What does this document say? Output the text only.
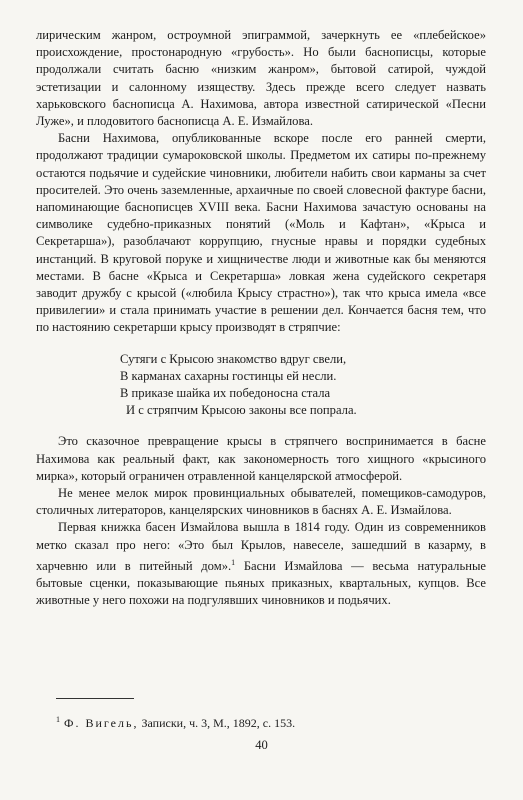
лирическим жанром, остроумной эпиграммой, зачеркнуть ее «плебейское» происхождение, простонародную «грубость». Но были баснописцы, которые продолжали считать басню «низким жанром», бытовой сатирой, чуждой эстетизации и салонному изяществу. Здесь прежде всего следует назвать харьковского баснописца А. Нахимова, автора известной сатирической «Песни Луже», и плодовитого баснописца А. Е. Измайлова.

Басни Нахимова, опубликованные вскоре после его ранней смерти, продолжают традиции сумароковской школы. Предметом их сатиры по-прежнему остаются подьячие и судейские чиновники, любители набить свои карманы за счет просителей. Это очень заземленные, архаичные по своей словесной фактуре басни, напоминающие баснописцев XVIII века. Басни Нахимова зачастую основаны на символике судебно-приказных понятий («Моль и Кафтан», «Крыса и Секретарша»), разоблачают коррупцию, гнусные нравы и порядки судебных инстанций. В круговой поруке и хищничестве люди и животные как бы меняются местами. В басне «Крыса и Секретарша» ловкая жена судейского секретаря заводит дружбу с крысой («любила Крысу страстно»), так что крыса имела «все привилегии» и стала принимать участие в решении дел. Кончается басня тем, что по настоянию секретарши крысу производят в стряпчие:

Сутяги с Крысою знакомство вдруг свели,
В карманах сахарны гостинцы ей несли.
В приказе шайка их победоносна стала
И с стряпчим Крысою законы все попрала.

Это сказочное превращение крысы в стряпчего воспринимается в басне Нахимова как реальный факт, как закономерность того хищного «крысиного мирка», который ограничен отравленной канцелярской атмосферой.

Не менее мелок мирок провинциальных обывателей, помещиков-самодуров, столичных литераторов, канцелярских чиновников в баснях А. Е. Измайлова.

Первая книжка басен Измайлова вышла в 1814 году. Один из современников метко сказал про него: «Это был Крылов, навеселе, зашедший в казарму, в харчевню или в питейный дом».$^1$ Басни Измайлова — весьма натуральные бытовые сценки, показывающие пьяных приказных, квартальных, купцов. Все животные у него похожи на подгулявших чиновников и подьячих.

$^1$ Ф. Вигель, Записки, ч. 3, М., 1892, с. 153.
40
